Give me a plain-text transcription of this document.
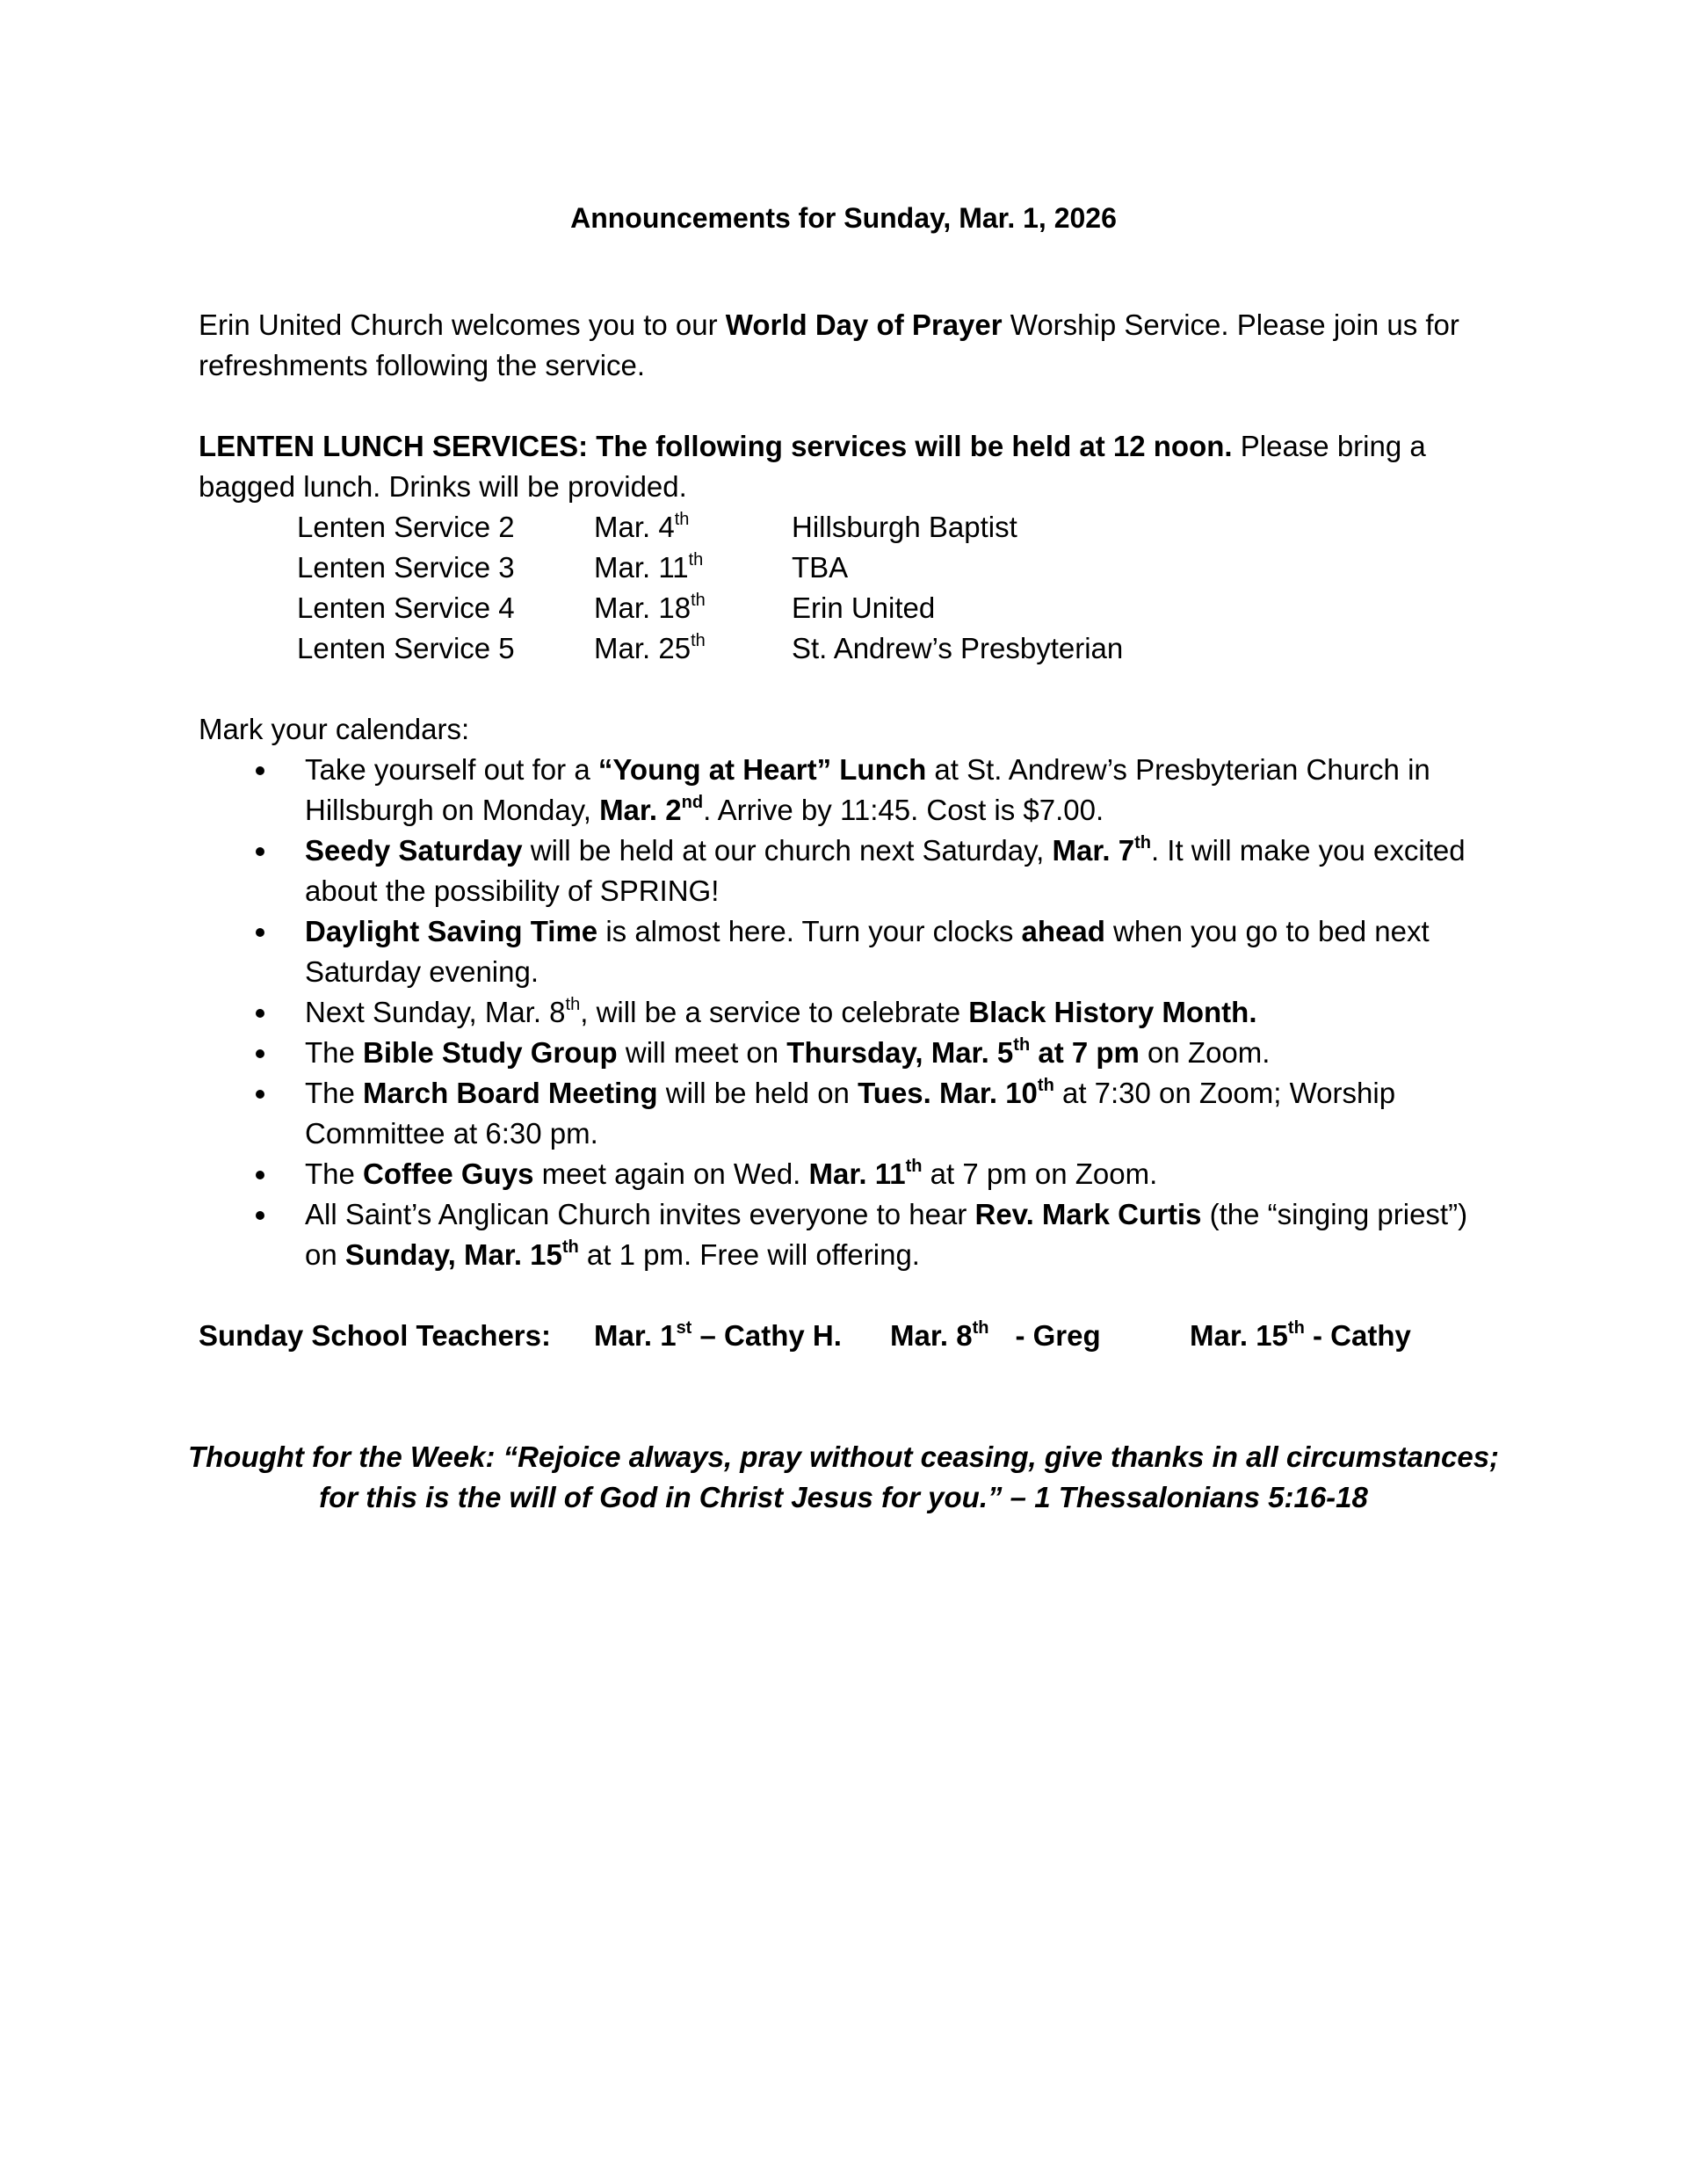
Announcements for Sunday, Mar. 1, 2026
Erin United Church welcomes you to our World Day of Prayer Worship Service. Please join us for refreshments following the service.
LENTEN LUNCH SERVICES: The following services will be held at 12 noon. Please bring a bagged lunch. Drinks will be provided.
Lenten Service 2	Mar. 4th	Hillsburgh Baptist
Lenten Service 3	Mar. 11th	TBA
Lenten Service 4	Mar. 18th	Erin United
Lenten Service 5	Mar. 25th	St. Andrew’s Presbyterian
Mark your calendars:
Take yourself out for a “Young at Heart” Lunch at St. Andrew’s Presbyterian Church in Hillsburgh on Monday, Mar. 2nd. Arrive by 11:45. Cost is $7.00.
Seedy Saturday will be held at our church next Saturday, Mar. 7th. It will make you excited about the possibility of SPRING!
Daylight Saving Time is almost here. Turn your clocks ahead when you go to bed next Saturday evening.
Next Sunday, Mar. 8th, will be a service to celebrate Black History Month.
The Bible Study Group will meet on Thursday, Mar. 5th at 7 pm on Zoom.
The March Board Meeting will be held on Tues. Mar. 10th at 7:30 on Zoom; Worship Committee at 6:30 pm.
The Coffee Guys meet again on Wed. Mar. 11th at 7 pm on Zoom.
All Saint’s Anglican Church invites everyone to hear Rev. Mark Curtis (the “singing priest”) on Sunday, Mar. 15th at 1 pm. Free will offering.
Sunday School Teachers: Mar. 1st – Cathy H. Mar. 8th - Greg	Mar. 15th - Cathy
Thought for the Week: “Rejoice always, pray without ceasing, give thanks in all circumstances; for this is the will of God in Christ Jesus for you.” – 1 Thessalonians 5:16-18
